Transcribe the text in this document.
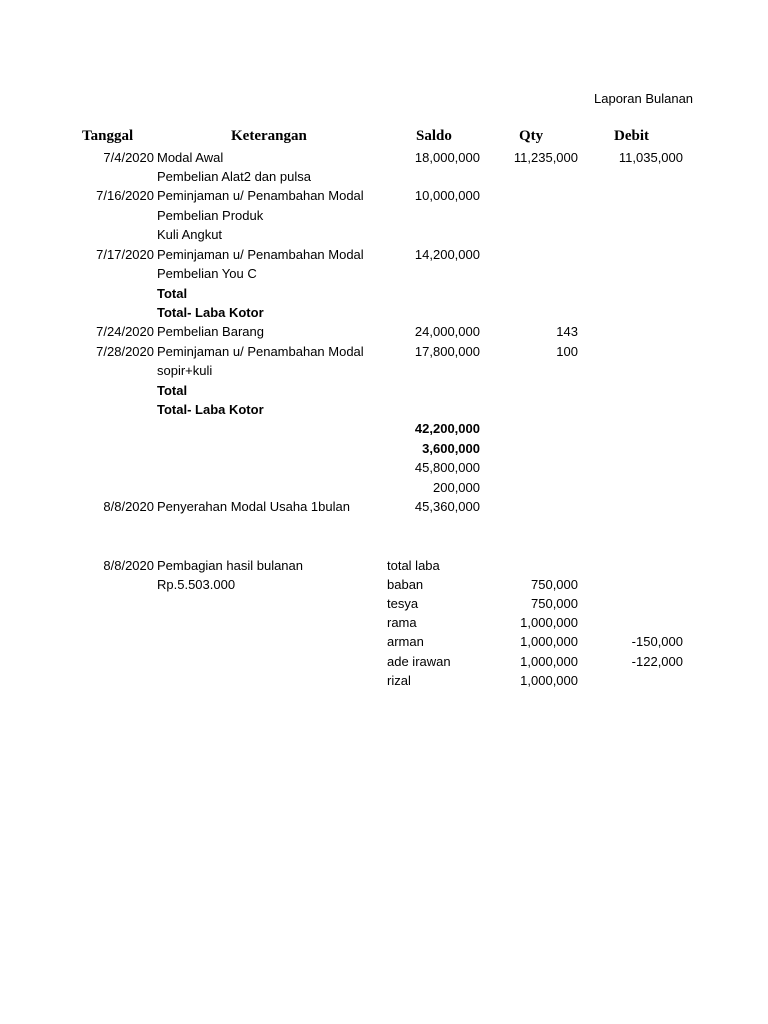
Laporan Bulanan
Tanggal	Keterangan	Saldo	Qty	Debit
7/4/2020 Modal Awal	18,000,000	11,235,000	11,035,000
Pembelian Alat2 dan pulsa
7/16/2020 Peminjaman u/ Penambahan Modal	10,000,000
Pembelian Produk
Kuli Angkut
7/17/2020 Peminjaman u/ Penambahan Modal	14,200,000
Pembelian You C
Total
Total- Laba Kotor
7/24/2020 Pembelian Barang	24,000,000	143
7/28/2020 Peminjaman u/ Penambahan Modal	17,800,000	100
sopir+kuli
Total
Total- Laba Kotor
42,200,000
3,600,000
45,800,000
200,000
8/8/2020 Penyerahan Modal Usaha 1bulan	45,360,000
8/8/2020 Pembagian hasil bulanan	total laba
Rp.5.503.000	baban	750,000
tesya	750,000
rama	1,000,000
arman	1,000,000	-150,000
ade irawan	1,000,000	-122,000
rizal	1,000,000
